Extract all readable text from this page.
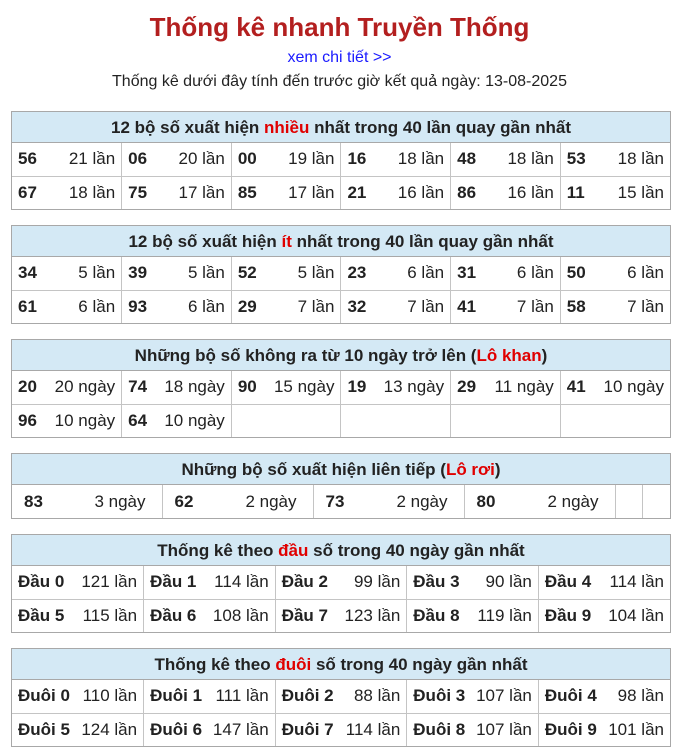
Thống kê nhanh Truyền Thống
xem chi tiết >>
Thống kê dưới đây tính đến trước giờ kết quả ngày: 13-08-2025
12 bộ số xuất hiện nhiều nhất trong 40 lần quay gần nhất
56 21 lần	06 20 lần	00 19 lần	16 18 lần	48 18 lần	53 18 lần

67 18 lần	75 17 lần	85 17 lần	21 16 lần	86 16 lần	11 15 lần
12 bộ số xuất hiện ít nhất trong 40 lần quay gần nhất
34 5 lần	39 5 lần	52 5 lần	23 6 lần	31 6 lần	50 6 lần

61 6 lần	93 6 lần	29 7 lần	32 7 lần	41 7 lần	58 7 lần
Những bộ số không ra từ 10 ngày trở lên (Lô khan)
20 20 ngày	74 18 ngày	90 15 ngày	19 13 ngày	29 11 ngày	41 10 ngày

96 10 ngày	64 10 ngày				

Những bộ số xuất hiện liên tiếp (Lô rơi)
83	3 ngày	62	2 ngày	73	2 ngày	80	2 ngày

Thống kê theo đầu số trong 40 ngày gần nhất
Đầu 0 121 lần	Đầu 1 114 lần	Đầu 2 99 lần	Đầu 3 90 lần	Đầu 4 114 lần

Đầu 5 115 lần	Đầu 6 108 lần	Đầu 7 123 lần	Đầu 8 119 lần	Đầu 9 104 lần
Thống kê theo đuôi số trong 40 ngày gần nhất
Đuôi 0 110 lần	Đuôi 1 111 lần	Đuôi 2 88 lần	Đuôi 3 107 lần	Đuôi 4 98 lần

Đuôi 5 124 lần	Đuôi 6 147 lần	Đuôi 7 114 lần	Đuôi 8 107 lần	Đuôi 9 101 lần
